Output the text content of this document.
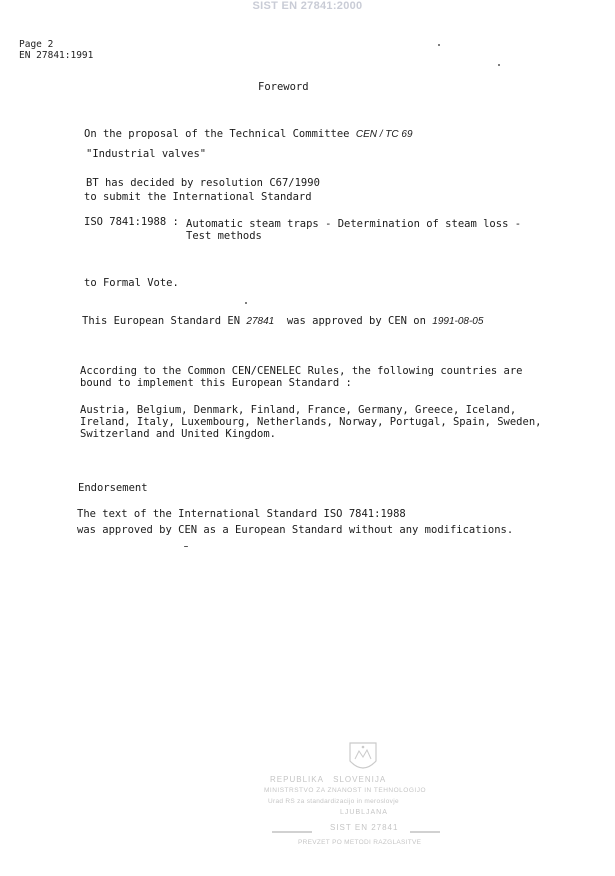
SIST EN 27841:2000
Page 2
EN 27841:1991
Foreword
On the proposal of the Technical Committee CEN / TC 69
"Industrial valves"
BT has decided by resolution C67/1990
to submit the International Standard
ISO 7841:1988 : Automatic steam traps - Determination of steam loss -
Test methods
to Formal Vote.
This European Standard EN 27841 was approved by CEN on 1991-08-05
According to the Common CEN/CENELEC Rules, the following countries are
bound to implement this European Standard :
Austria, Belgium, Denmark, Finland, France, Germany, Greece, Iceland,
Ireland, Italy, Luxembourg, Netherlands, Norway, Portugal, Spain, Sweden,
Switzerland and United Kingdom.
Endorsement
The text of the International Standard ISO 7841:1988
was approved by CEN as a European Standard without any modifications.
REPUBLIKA   SLOVENIJA
MINISTRSTVO ZA ZNANOST IN TEHNOLOGIJO
Urad RS za standardizacijo in meroslovje
LJUBLJANA
SIST EN 27841
PREVZET PO METODI RAZGLASITVE
